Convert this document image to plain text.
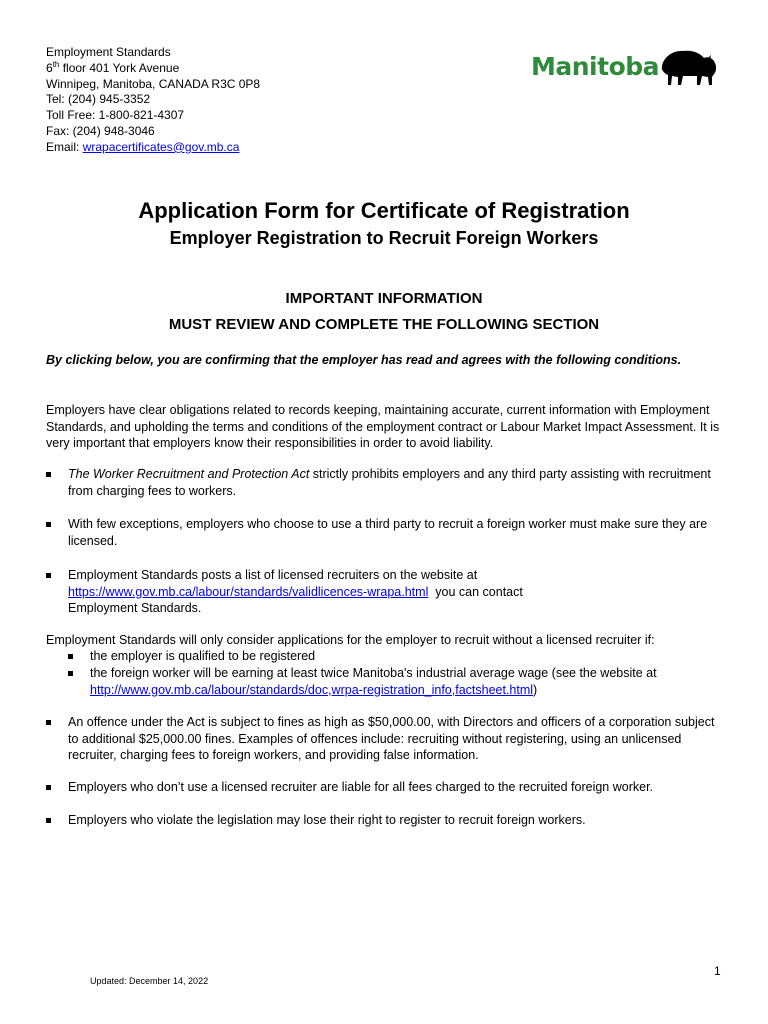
Employment Standards
6th floor 401 York Avenue
Winnipeg, Manitoba, CANADA R3C 0P8
Tel: (204) 945-3352
Toll Free: 1-800-821-4307
Fax: (204) 948-3046
Email: wrapacertificates@gov.mb.ca
Manitoba
Application Form for Certificate of Registration
Employer Registration to Recruit Foreign Workers
IMPORTANT INFORMATION
MUST REVIEW AND COMPLETE THE FOLLOWING SECTION
By clicking below, you are confirming that the employer has read and agrees with the following conditions.
Employers have clear obligations related to records keeping, maintaining accurate, current information with Employment Standards, and upholding the terms and conditions of the employment contract or Labour Market Impact Assessment. It is very important that employers know their responsibilities in order to avoid liability.
The Worker Recruitment and Protection Act strictly prohibits employers and any third party assisting with recruitment from charging fees to workers.
With few exceptions, employers who choose to use a third party to recruit a foreign worker must make sure they are licensed.
Employment Standards posts a list of licensed recruiters on the website at
https://www.gov.mb.ca/labour/standards/validlicences-wrapa.html  you can contact
Employment Standards.
Employment Standards will only consider applications for the employer to recruit without a licensed recruiter if:
the employer is qualified to be registered
the foreign worker will be earning at least twice Manitoba's industrial average wage (see the website at
http://www.gov.mb.ca/labour/standards/doc,wrpa-registration_info,factsheet.html)
An offence under the Act is subject to fines as high as $50,000.00, with Directors and officers of a corporation subject to additional $25,000.00 fines. Examples of offences include: recruiting without registering, using an unlicensed recruiter, charging fees to foreign workers, and providing false information.
Employers who don’t use a licensed recruiter are liable for all fees charged to the recruited foreign worker.
Employers who violate the legislation may lose their right to register to recruit foreign workers.
1
Updated: December 14, 2022
